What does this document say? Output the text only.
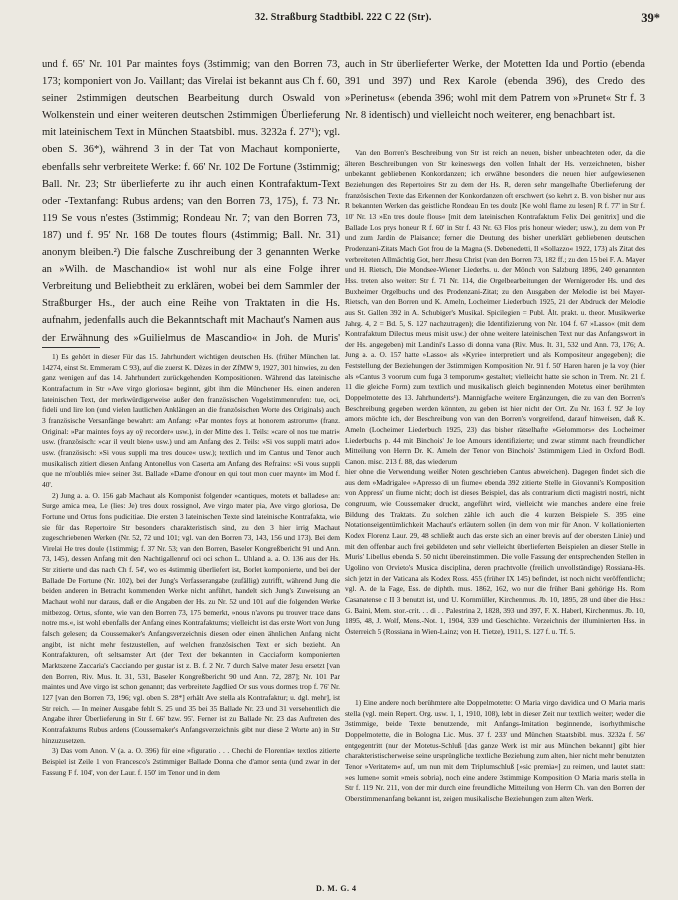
32. Straßburg Stadtbibl. 222 C 22 (Str).	39*

und f. 65' Nr. 101 Par maintes foys (3stimmig; van den Borren 73, 173; komponiert von Jo. Vaillant; das Virelai ist bekannt aus Ch f. 60, seiner 2stimmigen deutschen Bearbeitung durch Oswald von Wolkenstein und einer weiteren deutschen 2stimmigen Überlieferung mit lateinischem Text in München Staatsbibl. mus. 3232a f. 27'¹); vgl. oben S. 36*), während 3 in der Tat von Machaut komponierte, ebenfalls sehr verbreitete Werke: f. 66' Nr. 102 De Fortune (3stimmig; Ball. Nr. 23; Str überlieferte zu ihr auch einen Kontrafaktum-Text oder -Textanfang: Rubus ardens; van den Borren 73, 175), f. 73 Nr. 119 Se vous n'estes (3stimmig; Rondeau Nr. 7; van den Borren 73, 187) und f. 95' Nr. 168 De toutes flours (4stimmig; Ball. Nr. 31) anonym bleiben.²) Die falsche Zuschreibung der 3 genannten Werke an »Wilh. de Maschandio« ist wohl nur als eine Folge ihrer Verbreitung und Beliebtheit zu erklären, wobei bei dem Sammler der Straßburger Hs., der auch eine Reihe von Traktaten in die Hs. aufnahm, jedenfalls auch die Bekanntschaft mit Machaut's Namen aus der Erwähnung des »Guilielmus de Mascandio« in Joh. de Muris'

1) Es gehört in dieser Für das 15. Jahrhundert wichtigen deutschen Hs. (früher München lat. 14274, einst St. Emmeram C 93), auf die zuerst K. Dèzes in der ZfMW 9, 1927, 301 hinwies, zu den ganz wenigen auf das 14. Jahrhundert zurückgehenden Kompositionen. Während das lateinische Kontrafactum in Str »Ave virgo gloriosa« beginnt, gibt ihm die Münchener Hs. einen anderen lateinischen Text, der merkwürdigerweise außer den französischen Vogelstimmenrufen: tue, oci, fideli und lire lon (und vielen lautlichen Anklängen an die französischen Worte des Originals) auch 3 französische Versanfänge bewahrt: am Anfang: »Par montes foys at honorem astrorum« (franz. Original: »Par maintes foys ay oÿ recorder« usw.), in der Mitte des 1. Teils: »care ol nos tue matri« usw. (französisch: »car il veult bien« usw.) und am Anfang des 2. Teils: »Si vos suppli matri ado« usw. (französisch: »Si vous suppli ma tres douce« usw.); textlich und im Cantus und Tenor auch musikalisch zitiert diesen Anfang Antonellus von Caserta am Anfang des Refrains: »Si vous suppli que ne m'oubliés mie« seiner 3st. Ballade »Dame d'onour en qui tout mon cuer maynt« im Mod f. 40'.

2) Jung a. a. O. 156 gab Machaut als Komponist folgender »cantiques, motets et ballades« an: Surge amica mea, Le (lies: Je) tres doux rossignol, Ave virgo mater pia, Ave virgo gloriosa, De Fortune und Ortus fons pudicitiae. Die ersten 3 lateinischen Texte sind lateinische Kontrafakta, wie sie für das Repertoire Str besonders charakteristisch sind, zu den 3 hier irrig Machaut zugeschriebenen Werken (Nr. 52, 72 und 101; vgl. van den Borren 73, 143, 156 und 173). Bei dem Virelai He tres doule (1stimmig; f. 37 Nr. 53; van den Borren, Baseler Kongreßbericht 91 und Ann. 73, 145), dessen Anfang mit den Nachtigallenruf oci oci schon L. Uhland a. a. O. 136 aus der Hs. Str zitierte und das nach Ch f. 54', wo es 4stimmig überliefert ist, Borlet komponierte, und bei der Ballade De Fortune (Nr. 102), bei der Jung's Verfasserangabe (zufällig) zutrifft, während Jung die beiden anderen in Betracht kommenden Werke nicht anführt, handelt sich Jung's Zuweisung an Machaut wohl nur daraus, daß er die Angaben der Hs. zu Nr. 52 und 101 auf die folgenden Werke mitbezog. Ortus, sfonte, wie van den Borren 73, 175 bemerkt, »nous n'avons pu trouver trace dans notre ms.«, ist wohl ebenfalls der Anfang eines Kontrafaktums; vielleicht ist das erste Wort von Jung falsch gelesen; da Coussemaker's Anfangsverzeichnis diesen oder einen ähnlichen Anfang nicht angibt, ist nicht mehr festzustellen, auf welchen französischen Text er sich bezieht. An Kontrafakturen, oft seltsamster Art (der Text der bekannten in Cacciaform komponierten Marktszene Zaccaria's Cacciando per gustar ist z. B. f. 2 Nr. 7 durch Salve mater Jesu ersetzt [van den Borren, Riv. Mus. It. 31, 531, Baseler Kongreßbericht 90 und Ann. 72, 287]; Nr. 101 Par maintes und Ave virgo ist schon genannt; das verbreitete Jagdlied Or sus vous dormes trop f. 76' Nr. 127 [van den Borren 73, 196; vgl. oben S. 28*] erhält Ave stella als Kontrafaktur; u. dgl. mehr], ist Str reich. — In meiner Ausgabe fehlt S. 25 und 35 bei 35 Ballade Nr. 23 und 31 versehentlich die Angabe ihrer Überlieferung in Str f. 66' bzw. 95'. Ferner ist zu Ballade Nr. 23 das Auftreten des Kontrafaktums Rubus ardens (Coussemaker's Anfangsverzeichnis gibt nur diese 2 Worte an) in Str hinzuzusetzen.

3) Das vom Anon. V (a. a. O. 396) für eine »figuratio . . . Chechi de Florentia« textlos zitierte Beispiel ist Zeile 1 von Francesco's 2stimmiger Ballade Donna che d'amor senta (und zwar in der Fassung F f. 104', von der Laur. f. 150' im Tenor und in dem

auch in Str überlieferter Werke, der Motetten Ida und Portio (ebenda 391 und 397) und Rex Karole (ebenda 396), des Credo des »Perinetus« (ebenda 396; wohl mit dem Patrem von »Prunet« Str f. 3 Nr. 8 identisch) und vielleicht noch weiterer, eng benachbart ist.

Van den Borren's Beschreibung von Str ist reich an neuen, bisher unbeachteten oder, da die älteren Beschreibungen von Str keineswegs den vollen Inhalt der Hs. verzeichneten, bisher unbekannt gebliebenen Konkordanzen; ich erwähne besonders die neuen hier aufgewiesenen Beziehungen des Repertoires Str zu dem der Hs. R, deren sehr mangelhafte Überlieferung der französischen Texte das Erkennen der Konkordanzen oft erschwert (so kehrt z. B. von bisher nur aus R bekannten Werken das geistliche Rondeau En tes doulz [Ke wohl flame zu lesen] R f. 77' in Str f. 10' Nr. 13 »En tres doule flous« [mit dem lateinischen Kontrafaktum Felix Dei genitrix] und die Ballade Los prys honeur R f. 60' in Str f. 43 Nr. 63 Flos pris honeur wieder; usw.), zu dem von Pr und zum Jardin de Plaisance; ferner die Deutung des bisher unerklärt gebliebenen deutschen Prodenzani-Zitats Mach Got frou de la Magna (S. Debenedetti, Il »Sollazzo« 1922, 173) als Zitat des verbreiteten Allmächtig Got, herr Jhesu Christ (van den Borren 73, 182 ff.; zu den 15 bei F. A. Mayer und H. Rietsch, Die Mondsee-Wiener Liederhs. u. der Mönch von Salzburg 1896, 240 genannten Hss. treten also weiter: Str f. 71 Nr. 114, die Orgelbearbeitungen der Wernigeroder Hs. und des Buxheimer Orgelbuchs und des Prodenzani-Zitat; zu den Ausgaben der Melodie ist bei Mayer-Rietsch, van den Borren und K. Ameln, Locheimer Liederbuch 1925, 21 der Abdruck der Melodie aus St. Gallen 392 in A. Schubiger's Musikal. Spicilegien = Publ. Ält. prakt. u. theor. Musikwerke Jahrg. 4, 2 = Bd. 5, S. 127 nachzutragen); die Identifizierung von Nr. 104 f. 67 »Lasso« (mit dem Kontrafaktum Dilectus meus misit usw.) der ohne weitere lateinischen Text nur das Anfangswort in der Hs. angegeben) mit Landini's Lasso di donna vana (Riv. Mus. It. 31, 532 und Ann. 73, 176; A. Jung a. a. O. 157 hatte »Lasso« als »Kyrie« interpretiert und als Kompositeur angegeben); die Feststellung der Beziehungen der 3stimmigen Komposition Nr. 91 f. 50' Haren haren je la voy (hier als »Cantus 3 voorum cum fuga 3 temporum« gestaltet; vielleicht hatte sie schon in Trem. Nr. 21 f. 11 die gleiche Form) zum textlich und musikalisch gleich beginnenden Motetus einer berühmten Doppelmotette des 13. Jahrhunderts¹). Mannigfache weitere Ergänzungen, die zu van den Borren's Beschreibung gegeben werden könnten, zu geben ist hier nicht der Ort. Zu Nr. 163 f. 92' Je loy amors möchte ich, der Beschreibung von van den Borren's vorgreifend, darauf hinweisen, daß K. Ameln (Locheimer Liederbuch 1925, 23) das bisher rätselhafte »Gelommors« des Locheimer Liederbuchs p. 44 mit Binchois' Je loe Amours identifizierte; und zwar stimmt nach freundlicher Mitteilung von Herrn Dr. K. Ameln der Tenor von Binchois' 3stimmigem Lied in Oxford Bodl. Canon. misc. 213 f. 88, das wiederum

hier ohne die Verwendung weißer Noten geschrieben Cantus abweichen). Dagegen findet sich die aus dem »Madrigale« »Apresso di un fiume« ebenda 392 zitierte Stelle in Giovanni's Komposition von Appress' un fiume nicht; doch ist dieses Beispiel, das als contrarium dicti magistri nostri, nicht congruum, wie Coussemaker druckt, angeführt wird, vielleicht wie manches andere eine freie Bildung des Traktats. Zu solchen zähle ich auch die 4 kurzen Beispiele S. 395 eine Notationseigentümlichkeit Machaut's erläutern sollen (in dem von mir für Anon. V kollationierten Kodex Florenz Laur. 29, 48 schließt auch das erste sich an einer brevis auf der obersten Linie) und mit den offenbar auch frei gebildeten und sehr vielleicht überlieferten Beispielen an dieser Stelle in Muris' Libellus ebenda S. 50 nicht übereinstimmen. Die volle Fassung der entsprechenden Stellen in Ugolino von Orvieto's Musica disciplina, deren prachtvolle (freilich unvollständige) Rossiana-Hs. sich jetzt in der Vaticana als Kodex Ross. 455 (früher IX 145) befindet, ist noch nicht veröffentlicht; vgl. A. de la Fage, Ess. de diphth. mus. 1862, 162, wo nur die früher Bani gehörige Hs. Rom Casanatense c II 3 benutzt ist, und U. Kornmüller, Kirchenmus. Jb. 10, 1895, 28 und über die Hss.: G. Baini, Mem. stor.-crit. . . di . . Palestrina 2, 1828, 393 und 397, F. X. Haberl, Kirchenmus. Jb. 10, 1895, 48, J. Wolf, Mens.-Not. 1, 1904, 339 und Geschichte. Verzeichnis der illuminierten Hss. in Österreich 5 (Rossiana in Wien-Lainz; von H. Tietze), 1911, S. 127 f. u. Tf. 5.

1) Eine andere noch berühmtere alte Doppelmotette: O Maria virgo davidica und O Maria maris stella (vgl. mein Repert. Org. usw. 1, 1, 1910, 108), lebt in dieser Zeit nur textlich weiter; weder die 3stimmige, beide Texte benutzende, mit Anfangs-Imitation beginnende, isorhythmische Doppelmotette, die in Bologna Lic. Mus. 37 f. 233' und München Staatsbibl. mus. 3232a f. 56' entgegentritt (nur der Motetus-Schluß [das ganze Werk ist mir aus München bekannt] gibt hier charakteristischerweise seine ursprüngliche textliche Beziehung zum alten, hier nicht mehr benutzten Tenor »Veritatem« auf, um nun mit dem Triplumschluß [»sic premia«] zu reimen, und lautet statt: »es lumen« somit »meis sobria), noch eine andere 3stimmige Komposition O Maria maris stella in Str f. 119 Nr. 211, von der mir durch eine freundliche Mitteilung von Herrn Ch. van den Borren der Oberstimmenanfang bekannt ist, zeigen musikalische Beziehungen zum alten Werk.

D. M. G. 4
